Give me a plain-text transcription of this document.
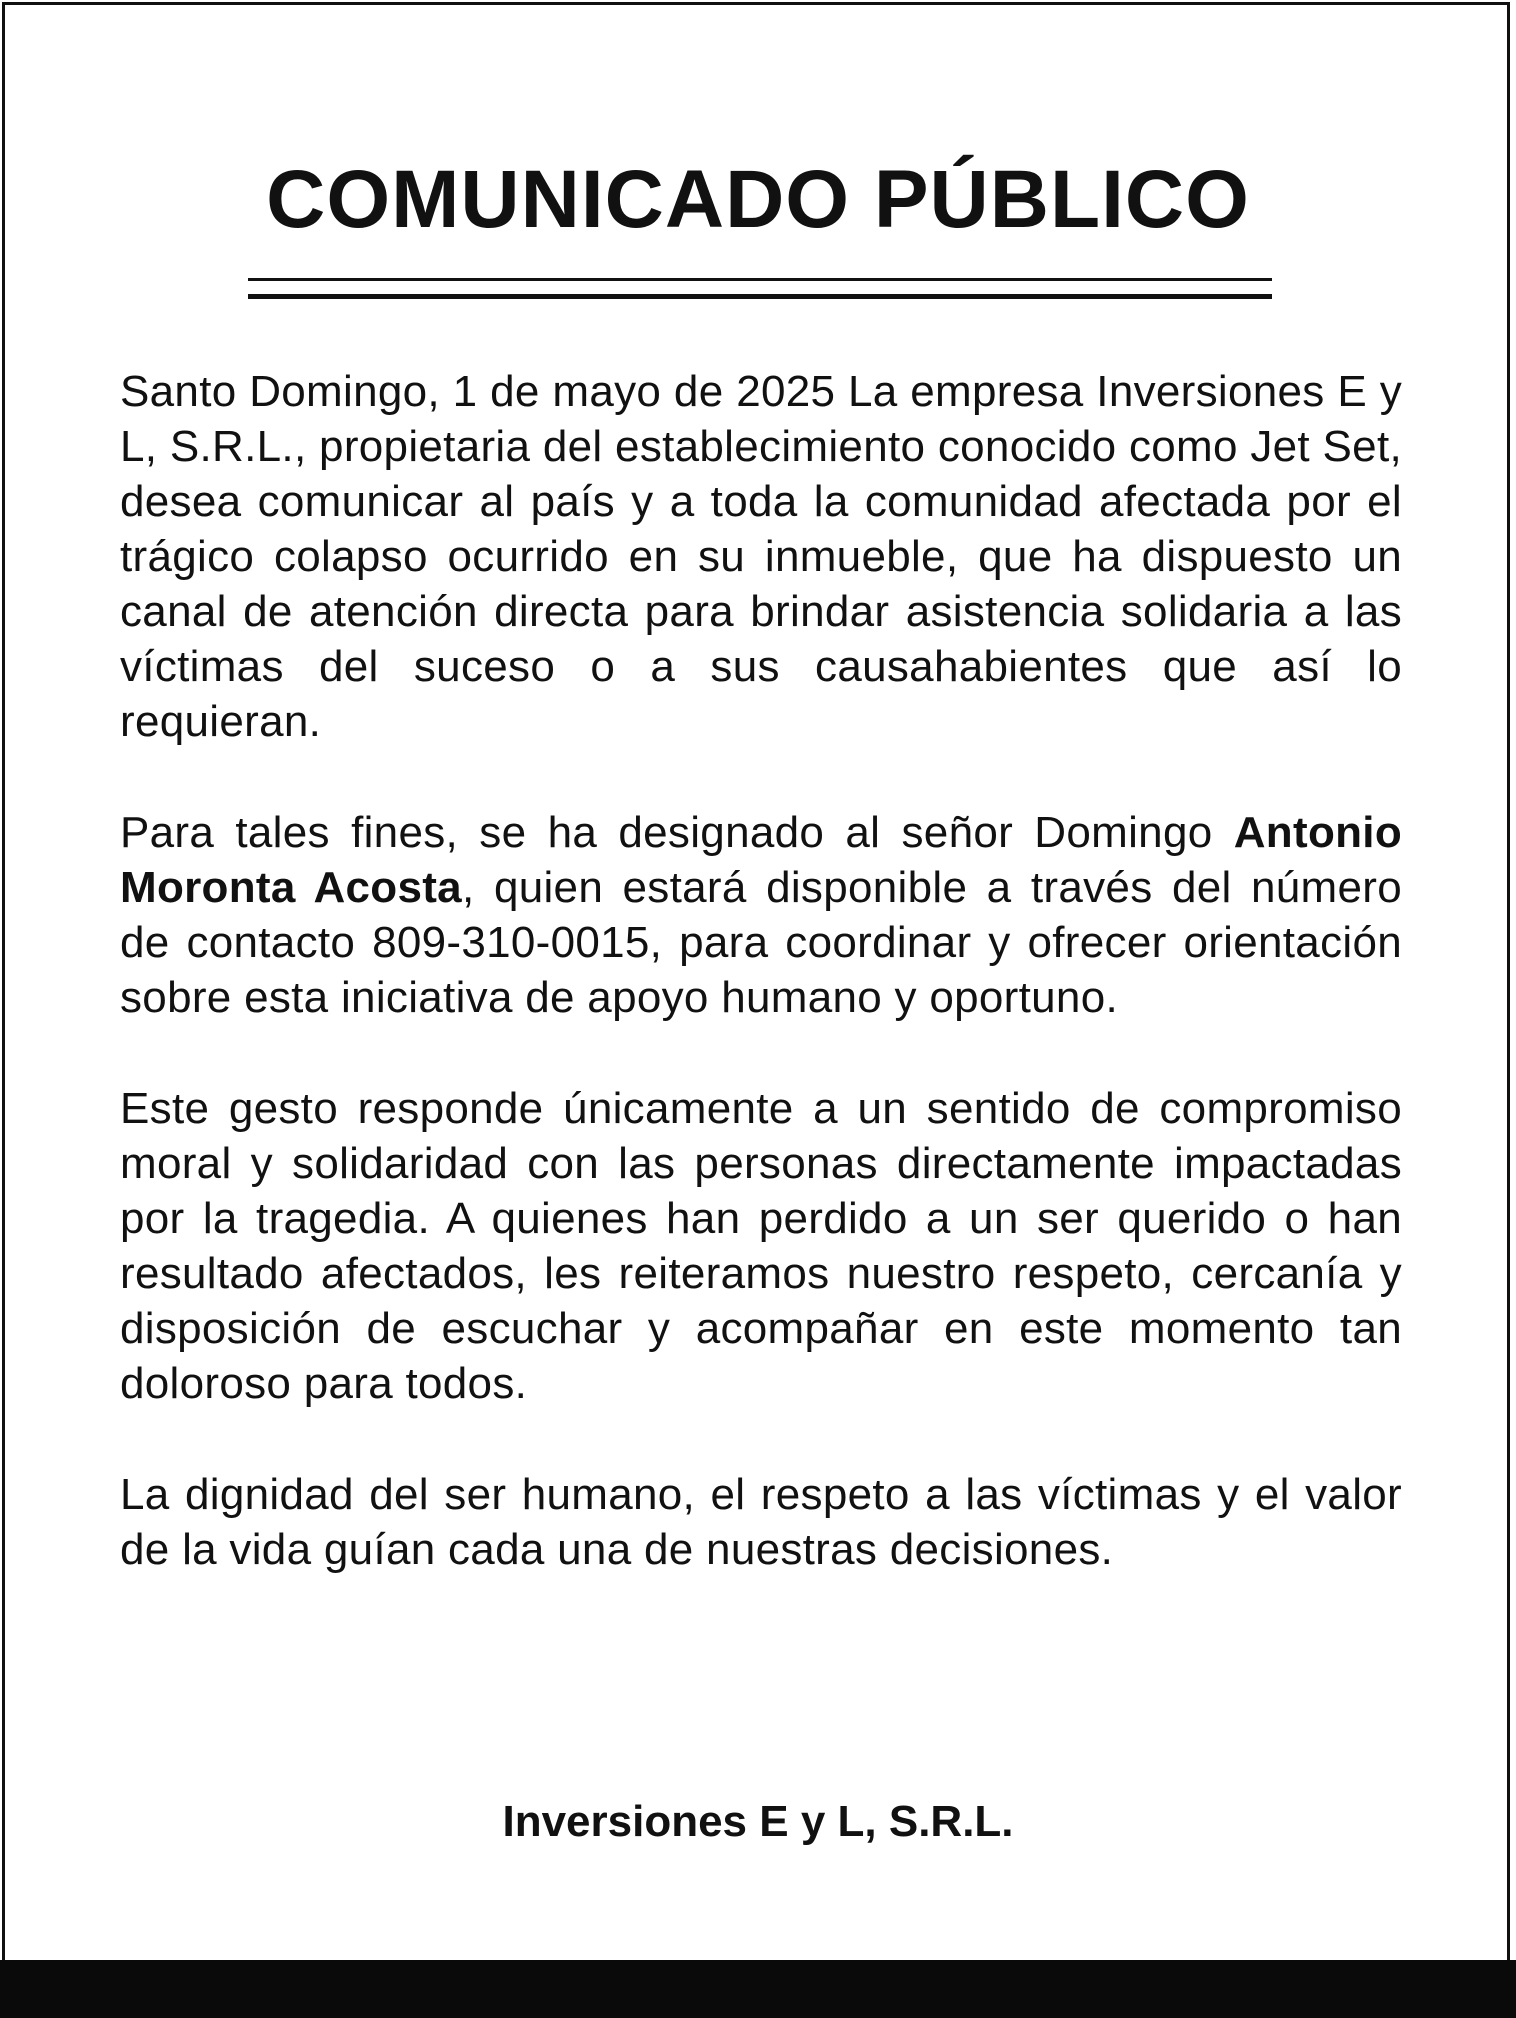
COMUNICADO PÚBLICO

Santo Domingo, 1 de mayo de 2025 La empresa Inversiones E y L, S.R.L., propietaria del establecimiento conocido como Jet Set, desea comunicar al país y a toda la comunidad afectada por el trágico colapso ocurrido en su inmueble, que ha dispuesto un canal de atención directa para brindar asistencia solidaria a las víctimas del suceso o a sus causahabientes que así lo requieran.

Para tales fines, se ha designado al señor Domingo Antonio Moronta Acosta, quien estará disponible a través del número de contacto 809-310-0015, para coordinar y ofrecer orientación sobre esta iniciativa de apoyo humano y oportuno.

Este gesto responde únicamente a un sentido de compromiso moral y solidaridad con las personas directamente impactadas por la tragedia. A quienes han perdido a un ser querido o han resultado afectados, les reiteramos nuestro respeto, cercanía y disposición de escuchar y acompañar en este momento tan doloroso para todos.

La dignidad del ser humano, el respeto a las víctimas y el valor de la vida guían cada una de nuestras decisiones.

Inversiones E y L, S.R.L.
